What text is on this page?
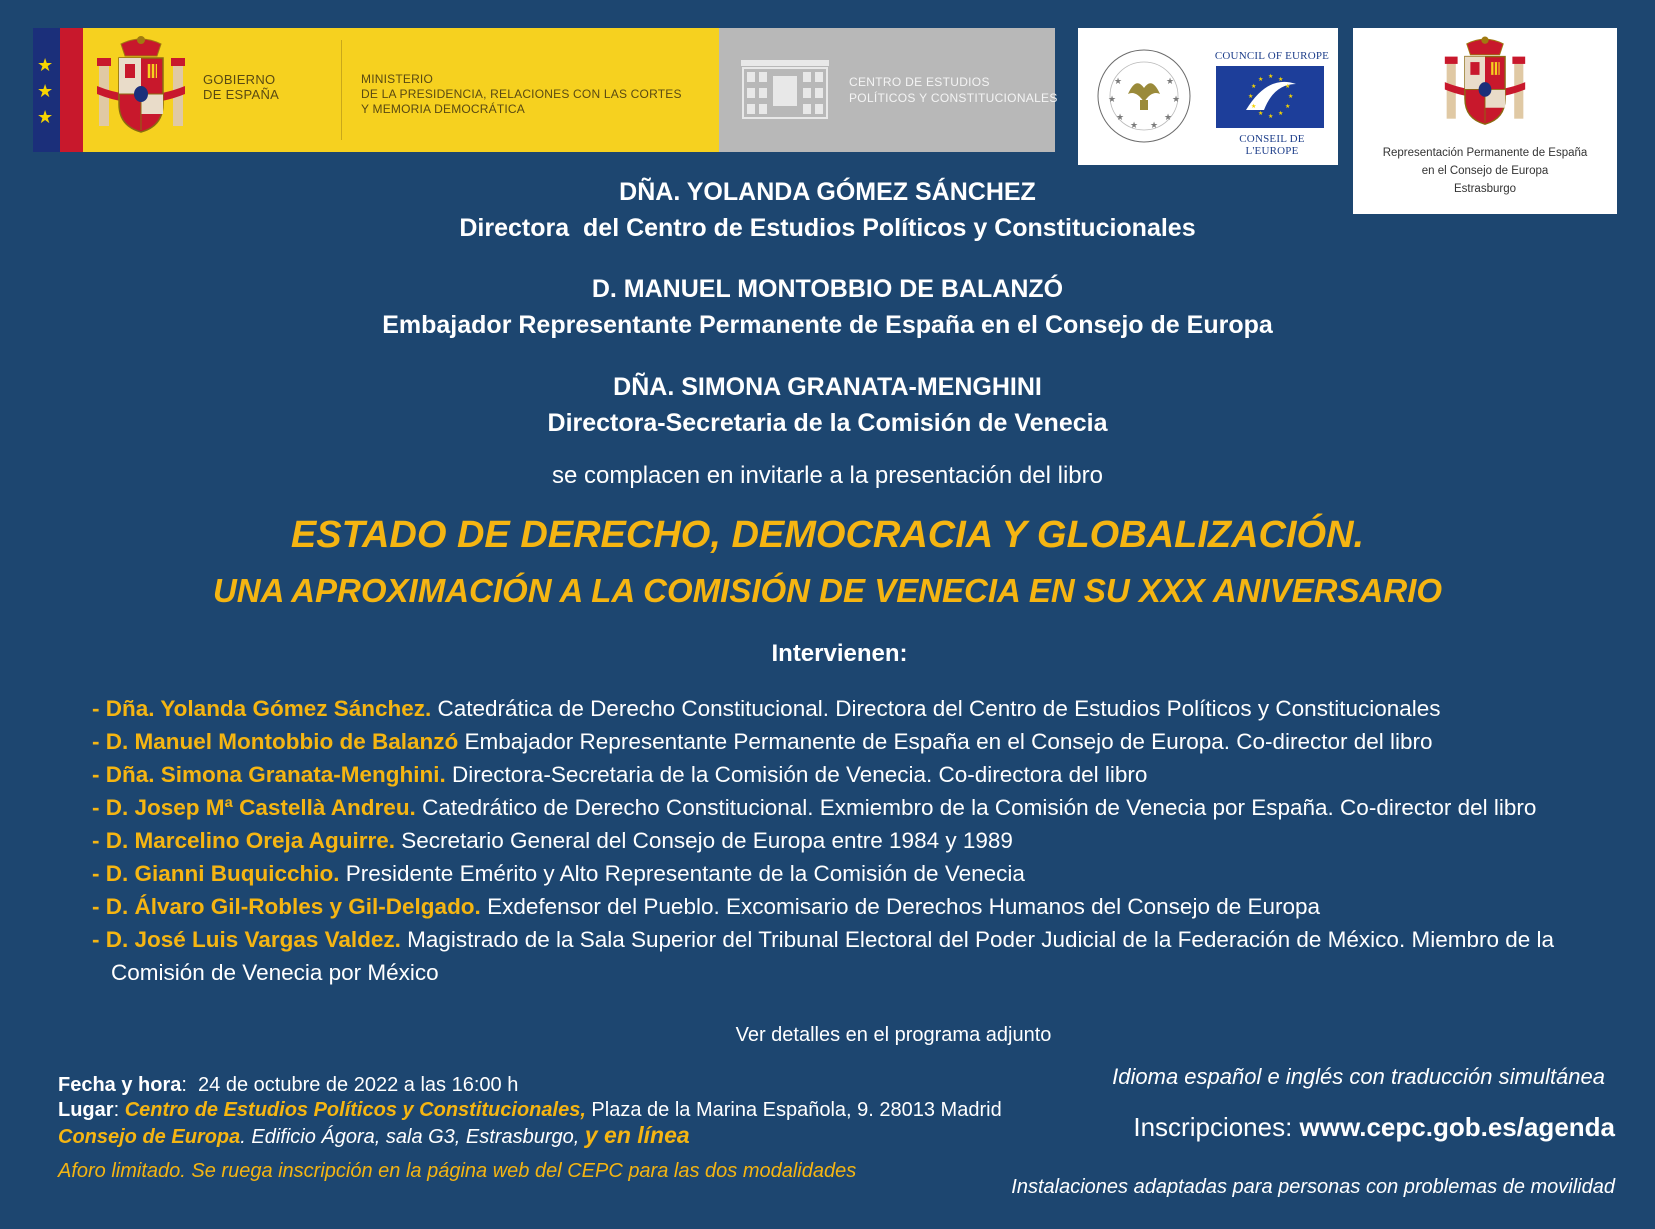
★
★
★
GOBIERNO
DE ESPAÑA
MINISTERIO
DE LA PRESIDENCIA, RELACIONES CON LAS CORTES
Y MEMORIA DEMOCRÁTICA
CENTRO DE ESTUDIOS
POLÍTICOS Y CONSTITUCIONALES
★	★
★	★
★	★
★ ★
COUNCIL OF EUROPE
★ ★
★
★
★
★
★
★
★
★
★
★
CONSEIL DE L'EUROPE	Representación Permanente de España
en el Consejo de Europa
Estrasburgo
DÑA. YOLANDA GÓMEZ SÁNCHEZ
Directora  del Centro de Estudios Políticos y Constitucionales
D. MANUEL MONTOBBIO DE BALANZÓ
Embajador Representante Permanente de España en el Consejo de Europa
DÑA. SIMONA GRANATA-MENGHINI
Directora-Secretaria de la Comisión de Venecia
se complacen en invitarle a la presentación del libro
ESTADO DE DERECHO, DEMOCRACIA Y GLOBALIZACIÓN.
UNA APROXIMACIÓN A LA COMISIÓN DE VENECIA EN SU XXX ANIVERSARIO
Intervienen:
- Dña. Yolanda Gómez Sánchez. Catedrática de Derecho Constitucional. Directora del Centro de Estudios Políticos y Constitucionales
- D. Manuel Montobbio de Balanzó Embajador Representante Permanente de España en el Consejo de Europa. Co-director del libro
- Dña. Simona Granata-Menghini. Directora-Secretaria de la Comisión de Venecia. Co-directora del libro
- D. Josep Mª Castellà Andreu. Catedrático de Derecho Constitucional. Exmiembro de la Comisión de Venecia por España. Co-director del libro
- D. Marcelino Oreja Aguirre. Secretario General del Consejo de Europa entre 1984 y 1989
- D. Gianni Buquicchio. Presidente Emérito y Alto Representante de la Comisión de Venecia
- D. Álvaro Gil-Robles y Gil-Delgado. Exdefensor del Pueblo. Excomisario de Derechos Humanos del Consejo de Europa
- D. José Luis Vargas Valdez. Magistrado de la Sala Superior del Tribunal Electoral del Poder Judicial de la Federación de México. Miembro de la Comisión de Venecia por México
Ver detalles en el programa adjunto
Fecha y hora:  24 de octubre de 2022 a las 16:00 h
Lugar: Centro de Estudios Políticos y Constitucionales, Plaza de la Marina Española, 9. 28013 Madrid
Consejo de Europa. Edificio Ágora, sala G3, Estrasburgo, y en línea
Aforo limitado. Se ruega inscripción en la página web del CEPC para las dos modalidades
Idioma español e inglés con traducción simultánea
Inscripciones: www.cepc.gob.es/agenda
Instalaciones adaptadas para personas con problemas de movilidad
